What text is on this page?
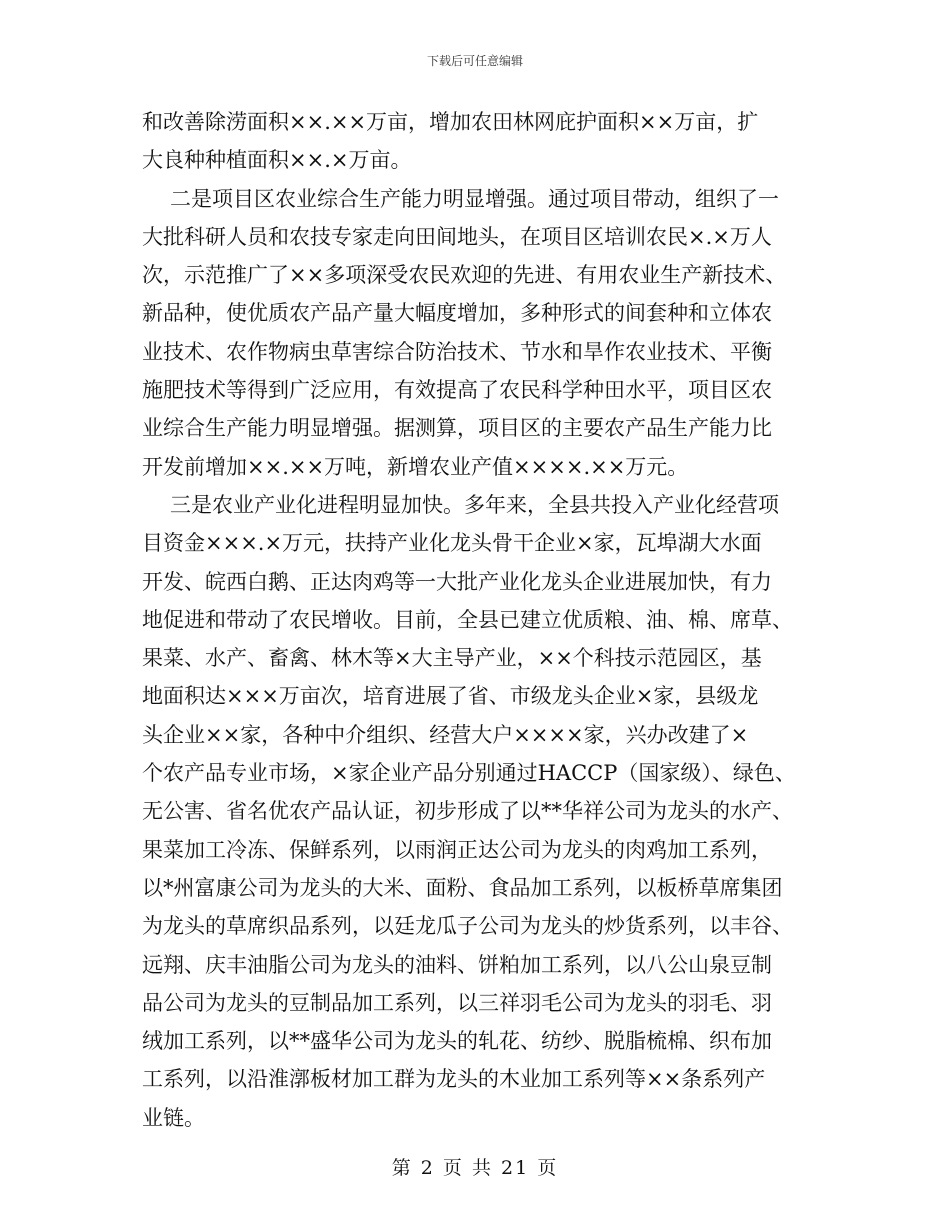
下载后可任意编辑
和改善除涝面积××.××万亩，增加农田林网庇护面积××万亩，扩
大良种种植面积××.×万亩。
二是项目区农业综合生产能力明显增强。通过项目带动，组织了一
大批科研人员和农技专家走向田间地头，在项目区培训农民×.×万人
次，示范推广了××多项深受农民欢迎的先进、有用农业生产新技术、
新品种，使优质农产品产量大幅度增加，多种形式的间套种和立体农
业技术、农作物病虫草害综合防治技术、节水和旱作农业技术、平衡
施肥技术等得到广泛应用，有效提高了农民科学种田水平，项目区农
业综合生产能力明显增强。据测算，项目区的主要农产品生产能力比
开发前增加××.××万吨，新增农业产值××××.××万元。
三是农业产业化进程明显加快。多年来，全县共投入产业化经营项
目资金×××.×万元，扶持产业化龙头骨干企业×家，瓦埠湖大水面
开发、皖西白鹅、正达肉鸡等一大批产业化龙头企业进展加快，有力
地促进和带动了农民增收。目前，全县已建立优质粮、油、棉、席草、
果菜、水产、畜禽、林木等×大主导产业，××个科技示范园区，基
地面积达×××万亩次，培育进展了省、市级龙头企业×家，县级龙
头企业××家，各种中介组织、经营大户××××家，兴办改建了×
个农产品专业市场，×家企业产品分别通过HACCP（国家级）、绿色、
无公害、省名优农产品认证，初步形成了以**华祥公司为龙头的水产、
果菜加工冷冻、保鲜系列，以雨润正达公司为龙头的肉鸡加工系列，
以*州富康公司为龙头的大米、面粉、食品加工系列，以板桥草席集团
为龙头的草席织品系列，以廷龙瓜子公司为龙头的炒货系列，以丰谷、
远翔、庆丰油脂公司为龙头的油料、饼粕加工系列，以八公山泉豆制
品公司为龙头的豆制品加工系列，以三祥羽毛公司为龙头的羽毛、羽
绒加工系列，以**盛华公司为龙头的轧花、纺纱、脱脂梳棉、织布加
工系列，以沿淮漷板材加工群为龙头的木业加工系列等××条系列产
业链。
第 2 页 共 21 页
